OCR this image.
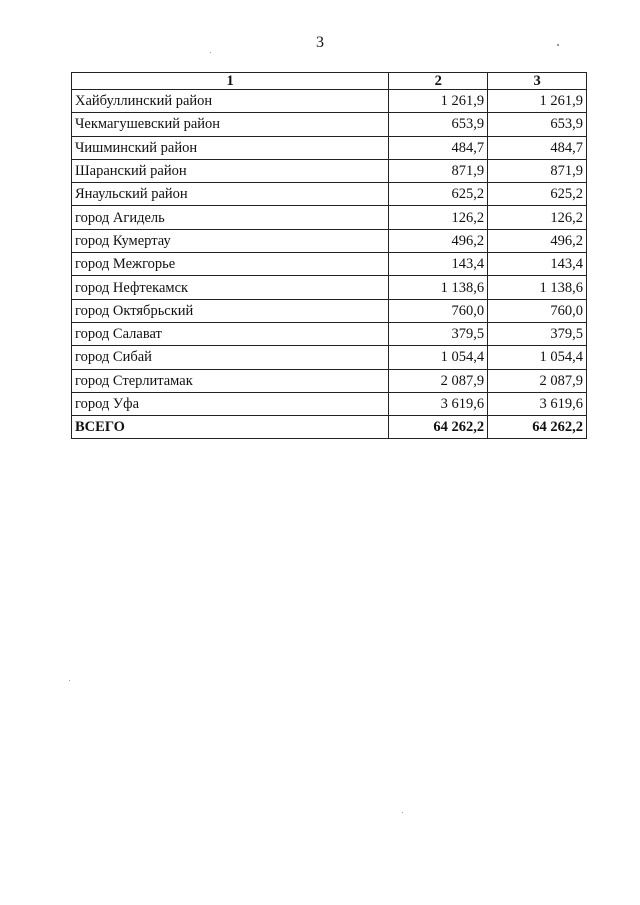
3
1	2	3
Хайбуллинский район	1 261,9	1 261,9
Чекмагушевский район	653,9	653,9
Чишминский район	484,7	484,7
Шаранский район	871,9	871,9
Янаульский район	625,2	625,2
город Агидель	126,2	126,2
город Кумертау	496,2	496,2
город Межгорье	143,4	143,4
город Нефтекамск	1 138,6	1 138,6
город Октябрьский	760,0	760,0
город Салават	379,5	379,5
город Сибай	1 054,4	1 054,4
город Стерлитамак	2 087,9	2 087,9
город Уфа	3 619,6	3 619,6
ВСЕГО	64 262,2	64 262,2
